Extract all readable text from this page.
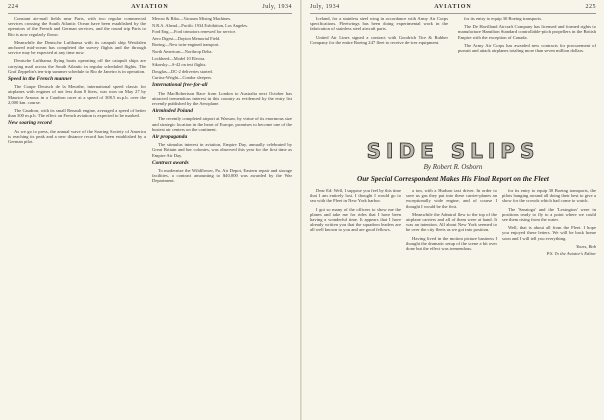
224	AVIATION	July, 1934

Constant air-mail fields near Paris, with two regular commercial services crossing the South Atlantic Ocean have been established by the operators of the French and German services, and the round trip Paris to Rio is now regularly flown.

Meanwhile the Deutsche Lufthansa with its catapult ship Westfalen anchored mid-ocean has completed the survey flights and the through service may be expected at any time now.

Deutsche Lufthansa flying boats operating off the catapult ships are carrying mail across the South Atlantic in regular scheduled flights. The Graf Zeppelin's ten-trip summer schedule to Rio de Janeiro is in operation.

Speed in the French manner

The Coupe Deutsch de la Meurthe, international speed classic for airplanes with engines of not less than 8 liters, was won on May 27 by Maurice Arnoux in a Caudron racer at a speed of 308.5 m.p.h. over the 2,000 km. course.

The Caudron, with its small Renault engine, averaged a speed of better than 300 m.p.h. The effect on French aviation is expected to be marked.

New soaring record

As we go to press, the annual wave of the Soaring Society of America is reaching its peak and a new distance record has been established by a German pilot.

Mercur & Bibo—Vacuum Mixing Machines.
N.R.A. Ahead—Pacific 1934 Exhibition, Los Angeles.
Ford Eng.—Ford trimotors renewed for service.
Aero Digest—Dayton Memorial Field.
Boeing—New twin-engined transport.
North American—Northrop Delta.
Lockheed—Model 10 Electra.
Sikorsky—S-42 on test flights.
Douglas—DC-2 deliveries started.
Curtiss-Wright—Condor sleepers.
International free-for-all

The MacRobertson Race from London to Australia next October has attracted tremendous interest in this country as evidenced by the entry list recently published by the Aeroplane.

Airminded Poland

The recently completed airport at Warsaw, by virtue of its enormous size and strategic location in the heart of Europe, promises to become one of the busiest air centers on the continent.

Air propaganda

The stimulus interest in aviation, Empire Day, annually celebrated by Great Britain and her colonies, was observed this year for the first time as Empire Air Day.

Contract awards

To modernize the Wildflower, Pa. Air Depot, Eastern repair and storage facilities, a contract amounting to $40,000 was awarded by the War Department.

July, 1934	AVIATION	225

Iceland, for a stainless steel wing in accordance with Army Air Corps specifications. Fleetwings has been doing experimental work in the fabrication of stainless steel aircraft parts.

United Air Lines signed a contract with Goodrich Tire & Rubber Company for the entire Boeing 247 fleet to receive de-icer equipment.

for its entry to equip 30 Boeing transports.

The De Havilland Aircraft Company has licensed and formed rights to manufacture Hamilton Standard controllable-pitch propellers in the British Empire with the exception of Canada.

The Army Air Corps has awarded new contracts for procurement of pursuit and attack airplanes totaling more than seven million dollars.

SIDE SLIPS
By Robert R. Osborn
Our Special Correspondent Makes His Final Report on the Fleet

Dear Ed: Well, I suppose you feel by this time that I am entirely lost. I thought I would go to sea with the Fleet in New York harbor.

I got so many of the officers to show me the planes and take me for rides that I have been having a wonderful time. It appears that I have already written you that the squadron leaders are all well known to you and are good fellows.

a ton, with a Hudson taxi driver. In order to save us gas they put into these carrier-planes an exceptionally wide engine, and of course I thought I would be the first.

Meanwhile the Admiral flew to the top of the airplane carriers and all of them were at hand. It was an intention. All about New York seemed to be over the city fleets as we got into position.

Having lived in the motion picture business I thought the dramatic setup of the scene a bit over done but the effect was tremendous.

for its entry to equip 30 Boeing transports, the pilots hanging around all doing their best to give a show for the crowds which had come to watch.

The 'Saratoga' and the 'Lexington' were in positions ready to fly to a point where we could see them rising from the water.

Well, that is about all from the Fleet. I hope you enjoyed these letters. We will be back home soon and I will tell you everything.

Yours, Bob
P.S. To the Aviator's Editor
